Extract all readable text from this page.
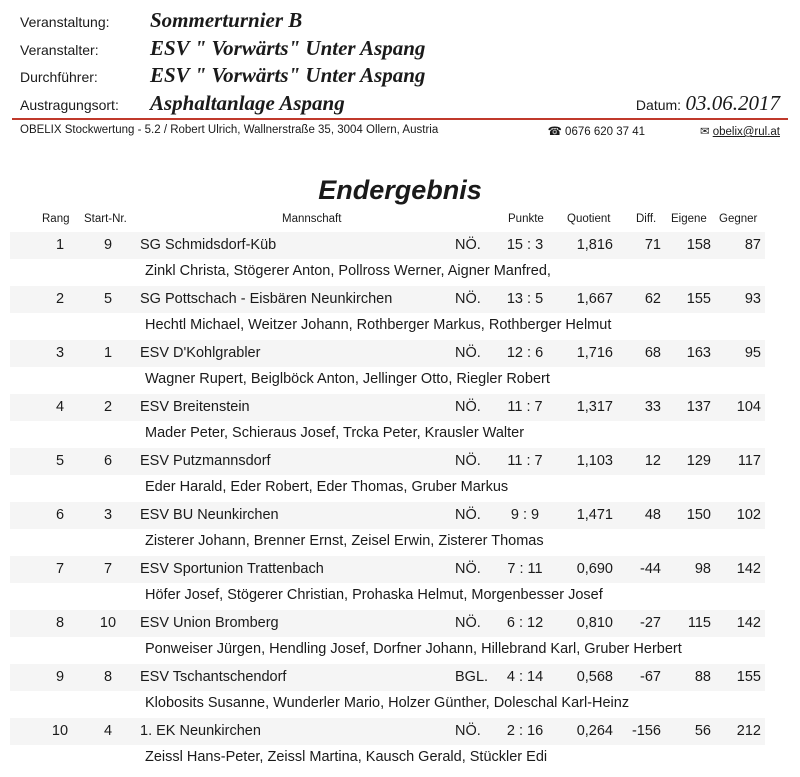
Veranstaltung: Sommerturnier B
Veranstalter: ESV " Vorwärts" Unter Aspang
Durchführer: ESV " Vorwärts" Unter Aspang
Austragungsort: Asphaltanlage Aspang	Datum: 03.06.2017
OBELIX Stockwertung - 5.2 / Robert Ulrich, Wallnerstraße 35, 3004 Ollern, Austria	☎ 0676 620 37 41	✉ obelix@rul.at
Endergebnis
Rang Start-Nr.	Mannschaft	Punkte Quotient Diff. Eigene Gegner
1	9	SG Schmidsdorf-Küb	NÖ.	15 : 3	1,816	71	158	87
Zinkl Christa, Stögerer Anton, Pollross Werner, Aigner Manfred,
2	5	SG Pottschach - Eisbären Neunkirchen	NÖ.	13 : 5	1,667	62	155	93
Hechtl Michael, Weitzer Johann, Rothberger Markus, Rothberger Helmut
3	1	ESV D'Kohlgrabler	NÖ.	12 : 6	1,716	68	163	95
Wagner Rupert, Beiglböck Anton, Jellinger Otto, Riegler Robert
4	2	ESV Breitenstein	NÖ.	11 : 7	1,317	33	137	104
Mader Peter, Schieraus Josef, Trcka Peter, Krausler Walter
5	6	ESV Putzmannsdorf	NÖ.	11 : 7	1,103	12	129	117
Eder Harald, Eder Robert, Eder Thomas, Gruber Markus
6	3	ESV BU Neunkirchen	NÖ.	9 : 9	1,471	48	150	102
Zisterer Johann, Brenner Ernst, Zeisel Erwin, Zisterer Thomas
7	7	ESV Sportunion Trattenbach	NÖ.	7 : 11	0,690	-44	98	142
Höfer Josef, Stögerer Christian, Prohaska Helmut, Morgenbesser Josef
8	10	ESV Union Bromberg	NÖ.	6 : 12	0,810	-27	115	142
Ponweiser Jürgen, Hendling Josef, Dorfner Johann, Hillebrand Karl, Gruber Herbert
9	8	ESV Tschantschendorf	BGL.	4 : 14	0,568	-67	88	155
Klobosits Susanne, Wunderler Mario, Holzer Günther, Doleschal Karl-Heinz
10	4	1. EK Neunkirchen	NÖ.	2 : 16	0,264	-156	56	212
Zeissl Hans-Peter, Zeissl Martina, Kausch Gerald, Stückler Edi
